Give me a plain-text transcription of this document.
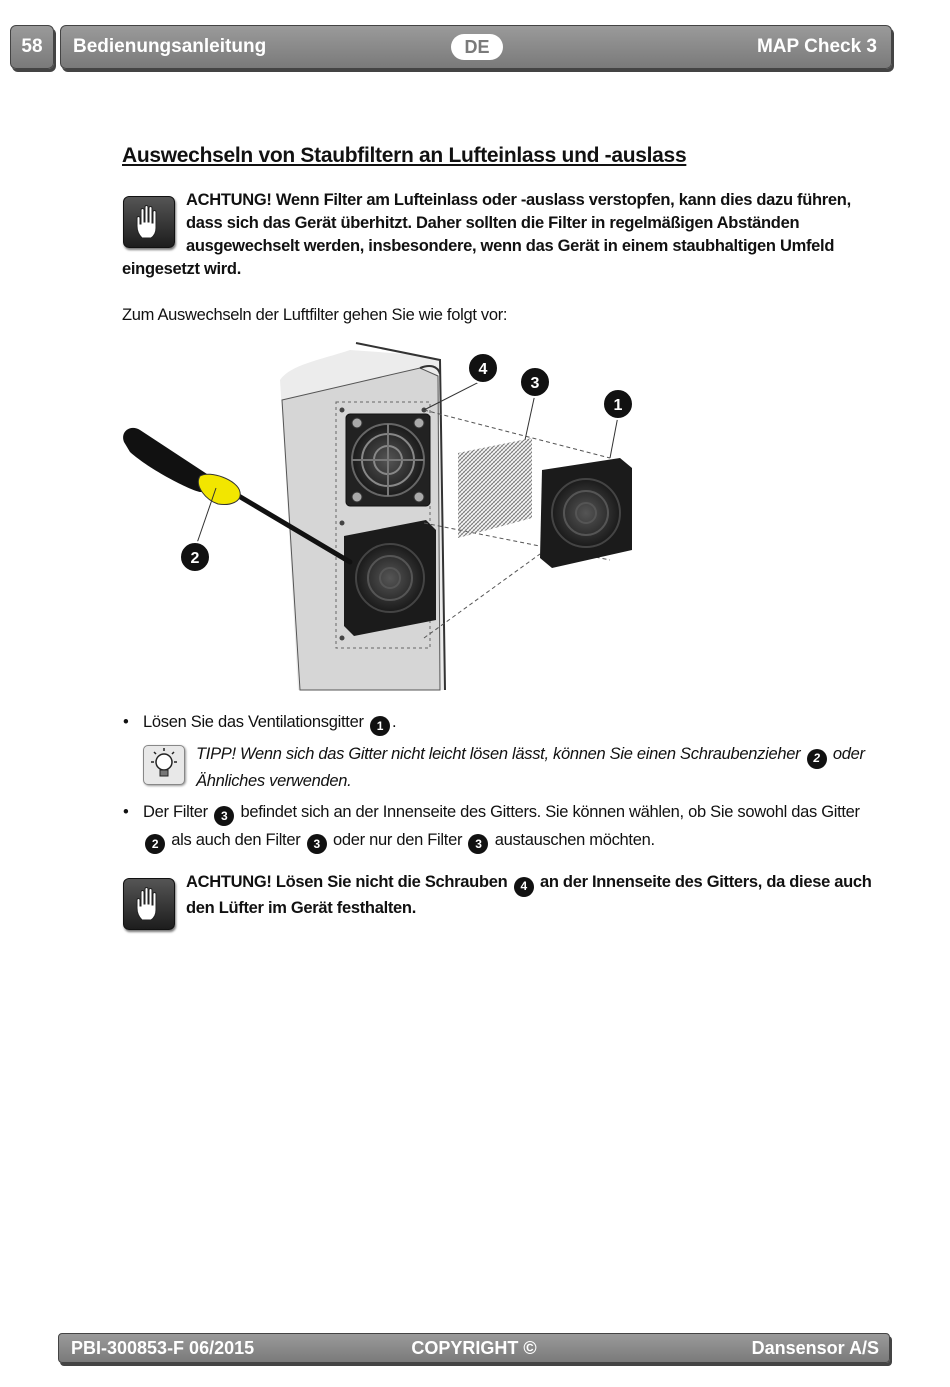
58	Bedienungsanleitung	DE	MAP Check 3
Auswechseln von Staubfiltern an Lufteinlass und -auslass
ACHTUNG! Wenn Filter am Lufteinlass oder -auslass verstopfen, kann dies dazu führen, dass sich das Gerät überhitzt. Daher sollten die Filter in regelmäßigen Abständen ausgewechselt werden, insbesondere, wenn das Gerät in einem staubhaltigen Umfeld
eingesetzt wird.
Zum Auswechseln der Luftfilter gehen Sie wie folgt vor:
4
3
1
2
• Lösen Sie das Ventilationsgitter 1 .
TIPP! Wenn sich das Gitter nicht leicht lösen lässt, können Sie einen Schraubenzieher 2 oder Ähnliches verwenden.
• Der Filter 3 befindet sich an der Innenseite des Gitters. Sie können wählen, ob Sie sowohl das Gitter 2 als auch den Filter 3 oder nur den Filter 3 austauschen möchten.
ACHTUNG! Lösen Sie nicht die Schrauben 4 an der Innenseite des Gitters, da diese auch den Lüfter im Gerät festhalten.
PBI-300853-F 06/2015	COPYRIGHT ©	Dansensor A/S
